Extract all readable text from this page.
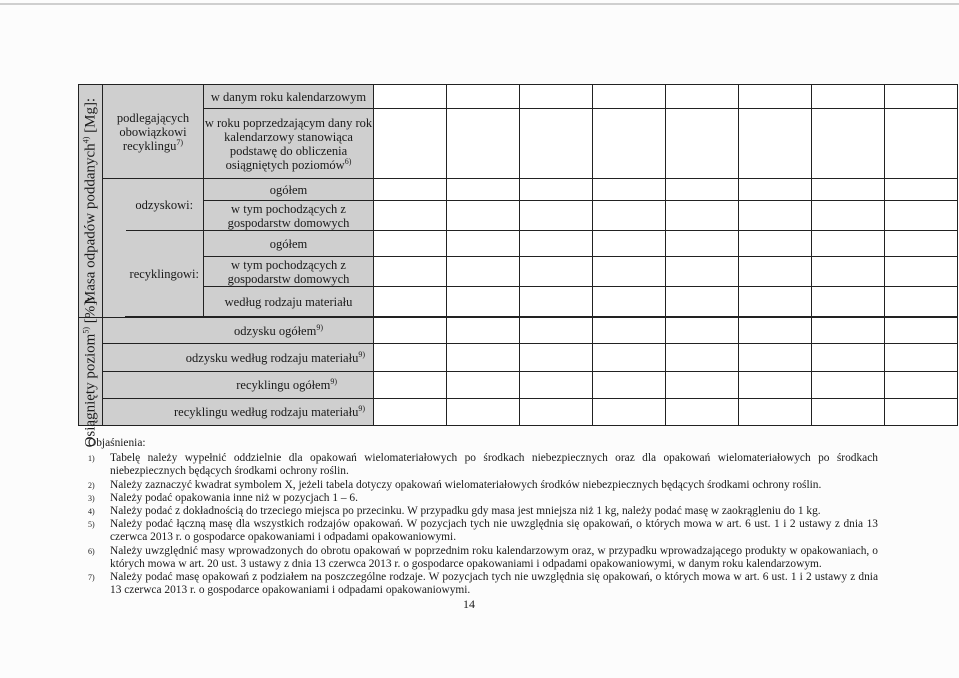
Masa odpadów poddanych$^{4)}$ [Mg]:	podlegających obowiązkowi recyklingu$^{7)}$		w danym roku kalendarzowym								
			w roku poprzedzającym dany rok kalendarzowy stanowiąca podstawę do obliczenia osiągniętych poziomów$^{6)}$								
		odzyskowi:	ogółem								
			w tym pochodzących z gospodarstw domowych								
		recyklingowi:	ogółem								
			w tym pochodzących z gospodarstw domowych								
			według rodzaju materiału								

Osiągnięty poziom$^{5)}$ [%]:	odzysku ogółem$^{9)}$								
	odzysku według rodzaju materiału$^{9)}$								
	recyklingu ogółem$^{9)}$								
	recyklingu według rodzaju materiału$^{9)}$								

Objaśnienia:

1) Tabelę należy wypełnić oddzielnie dla opakowań wielomateriałowych po środkach niebezpiecznych oraz dla opakowań wielomateriałowych po środkach niebezpiecznych będących środkami ochrony roślin.

2) Należy zaznaczyć kwadrat symbolem X, jeżeli tabela dotyczy opakowań wielomateriałowych środków niebezpiecznych będących środkami ochrony roślin.

3) Należy podać opakowania inne niż w pozycjach 1 – 6.

4) Należy podać z dokładnością do trzeciego miejsca po przecinku. W przypadku gdy masa jest mniejsza niż 1 kg, należy podać masę w zaokrągleniu do 1 kg.

5) Należy podać łączną masę dla wszystkich rodzajów opakowań. W pozycjach tych nie uwzględnia się opakowań, o których mowa w art. 6 ust. 1 i 2 ustawy z dnia 13 czerwca 2013 r. o gospodarce opakowaniami i odpadami opakowaniowymi.

6) Należy uwzględnić masy wprowadzonych do obrotu opakowań w poprzednim roku kalendarzowym oraz, w przypadku wprowadzającego produkty w opakowaniach, o których mowa w art. 20 ust. 3 ustawy z dnia 13 czerwca 2013 r. o gospodarce opakowaniami i odpadami opakowaniowymi, w danym roku kalendarzowym.

7) Należy podać masę opakowań z podziałem na poszczególne rodzaje. W pozycjach tych nie uwzględnia się opakowań, o których mowa w art. 6 ust. 1 i 2 ustawy z dnia 13 czerwca 2013 r. o gospodarce opakowaniami i odpadami opakowaniowymi.

14
